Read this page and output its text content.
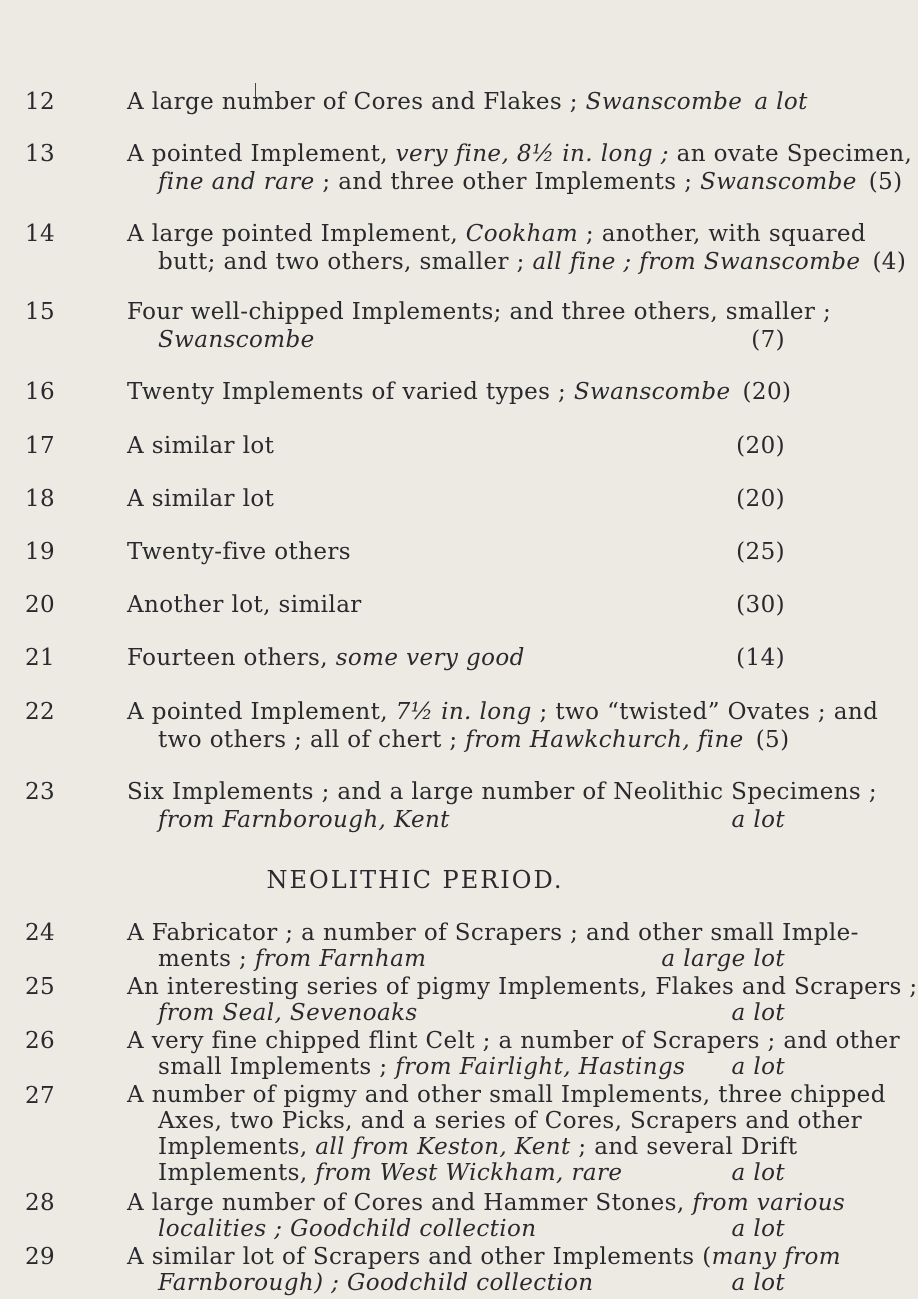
12	A large number of Cores and Flakes ; Swanscombe a lot
13	A pointed Implement, very fine, 8½ in. long ; an ovate Specimen,
fine and rare ; and three other Implements ; Swanscombe (5)
14	A large pointed Implement, Cookham ; another, with squared
butt; and two others, smaller ; all fine ; from Swanscombe (4)
15	Four well-chipped Implements; and three others, smaller ;
Swanscombe	(7)
16	Twenty Implements of varied types ; Swanscombe (20)
17	A similar lot	(20)
18	A similar lot	(20)
19	Twenty-five others	(25)
20	Another lot, similar	(30)
21	Fourteen others, some very good	(14)
22	A pointed Implement, 7½ in. long ; two “twisted” Ovates ; and
two others ; all of chert ; from Hawkchurch, fine (5)
23	Six Implements ; and a large number of Neolithic Specimens ;
from Farnborough, Kent	a lot
NEOLITHIC PERIOD.
24	A Fabricator ; a number of Scrapers ; and other small Imple-
ments ; from Farnham	a large lot
25	An interesting series of pigmy Implements, Flakes and Scrapers ;
from Seal, Sevenoaks	a lot
26	A very fine chipped flint Celt ; a number of Scrapers ; and other
small Implements ; from Fairlight, Hastings	a lot
27	A number of pigmy and other small Implements, three chipped
Axes, two Picks, and a series of Cores, Scrapers and other
Implements, all from Keston, Kent ; and several Drift
Implements, from West Wickham, rare	a lot
28	A large number of Cores and Hammer Stones, from various
localities ; Goodchild collection	a lot
29	A similar lot of Scrapers and other Implements (many from
Farnborough) ; Goodchild collection	a lot
